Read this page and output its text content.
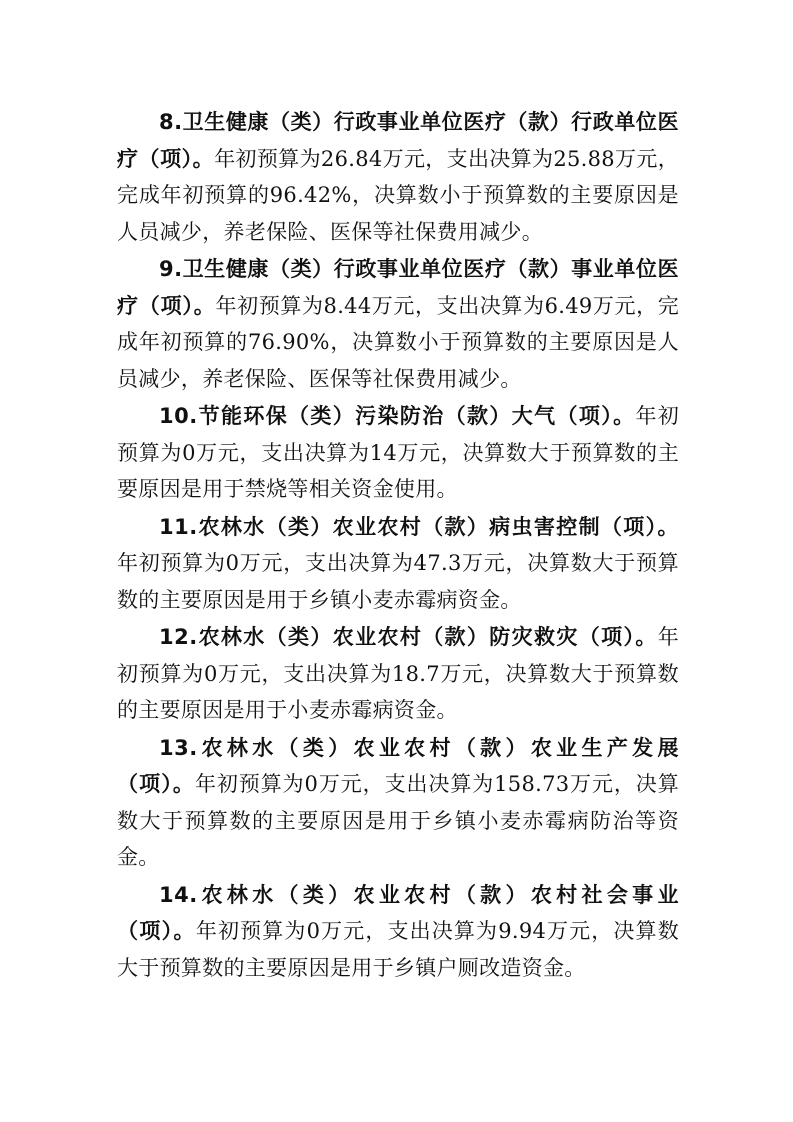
8.卫生健康（类）行政事业单位医疗（款）行政单位医疗（项）。年初预算为26.84万元，支出决算为25.88万元，完成年初预算的96.42%，决算数小于预算数的主要原因是人员减少，养老保险、医保等社保费用减少。

9.卫生健康（类）行政事业单位医疗（款）事业单位医疗（项）。年初预算为8.44万元，支出决算为6.49万元，完成年初预算的76.90%，决算数小于预算数的主要原因是人员减少，养老保险、医保等社保费用减少。

10.节能环保（类）污染防治（款）大气（项）。年初预算为0万元，支出决算为14万元，决算数大于预算数的主要原因是用于禁烧等相关资金使用。

11.农林水（类）农业农村（款）病虫害控制（项）。年初预算为0万元，支出决算为47.3万元，决算数大于预算数的主要原因是用于乡镇小麦赤霉病资金。

12.农林水（类）农业农村（款）防灾救灾（项）。年初预算为0万元，支出决算为18.7万元，决算数大于预算数的主要原因是用于小麦赤霉病资金。

13.农林水（类）农业农村（款）农业生产发展（项）。年初预算为0万元，支出决算为158.73万元，决算数大于预算数的主要原因是用于乡镇小麦赤霉病防治等资金。

14.农林水（类）农业农村（款）农村社会事业（项）。年初预算为0万元，支出决算为9.94万元，决算数大于预算数的主要原因是用于乡镇户厕改造资金。
